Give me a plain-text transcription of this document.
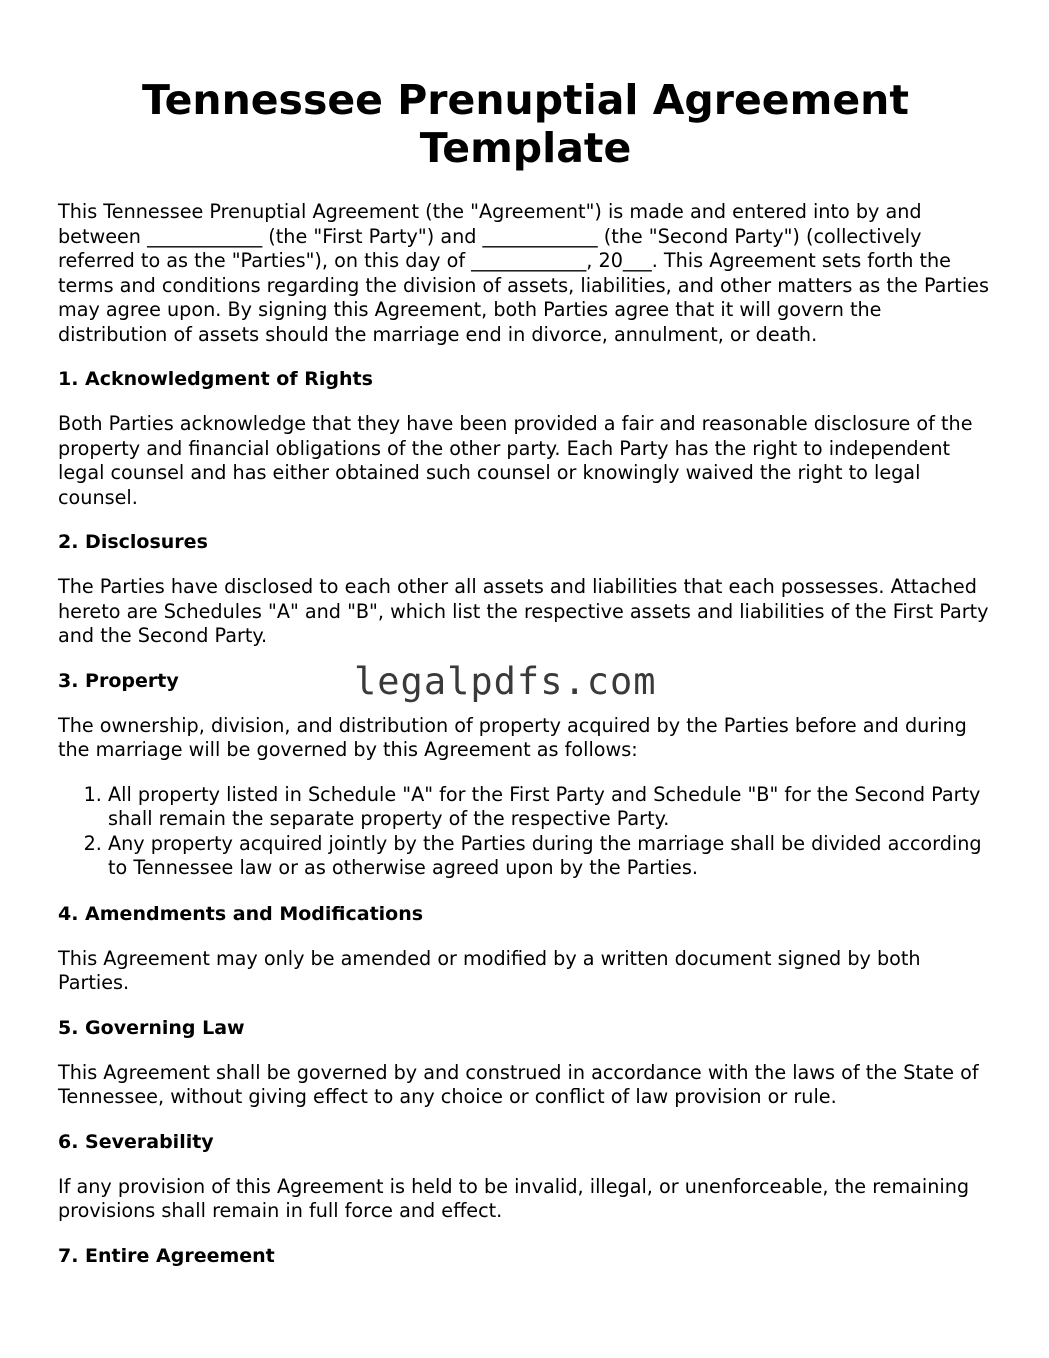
Tennessee Prenuptial Agreement Template

This Tennessee Prenuptial Agreement (the "Agreement") is made and entered into by and between ____________ (the "First Party") and ____________ (the "Second Party") (collectively referred to as the "Parties"), on this day of ____________, 20___. This Agreement sets forth the terms and conditions regarding the division of assets, liabilities, and other matters as the Parties may agree upon. By signing this Agreement, both Parties agree that it will govern the distribution of assets should the marriage end in divorce, annulment, or death.

1. Acknowledgment of Rights

Both Parties acknowledge that they have been provided a fair and reasonable disclosure of the property and financial obligations of the other party. Each Party has the right to independent legal counsel and has either obtained such counsel or knowingly waived the right to legal counsel.

2. Disclosures

The Parties have disclosed to each other all assets and liabilities that each possesses. Attached hereto are Schedules "A" and "B", which list the respective assets and liabilities of the First Party and the Second Party.

3. Property

The ownership, division, and distribution of property acquired by the Parties before and during the marriage will be governed by this Agreement as follows:

1. All property listed in Schedule "A" for the First Party and Schedule "B" for the Second Party shall remain the separate property of the respective Party.
2. Any property acquired jointly by the Parties during the marriage shall be divided according to Tennessee law or as otherwise agreed upon by the Parties.
4. Amendments and Modifications

This Agreement may only be amended or modified by a written document signed by both Parties.

5. Governing Law

This Agreement shall be governed by and construed in accordance with the laws of the State of Tennessee, without giving effect to any choice or conflict of law provision or rule.

6. Severability

If any provision of this Agreement is held to be invalid, illegal, or unenforceable, the remaining provisions shall remain in full force and effect.

7. Entire Agreement
legalpdfs.com
